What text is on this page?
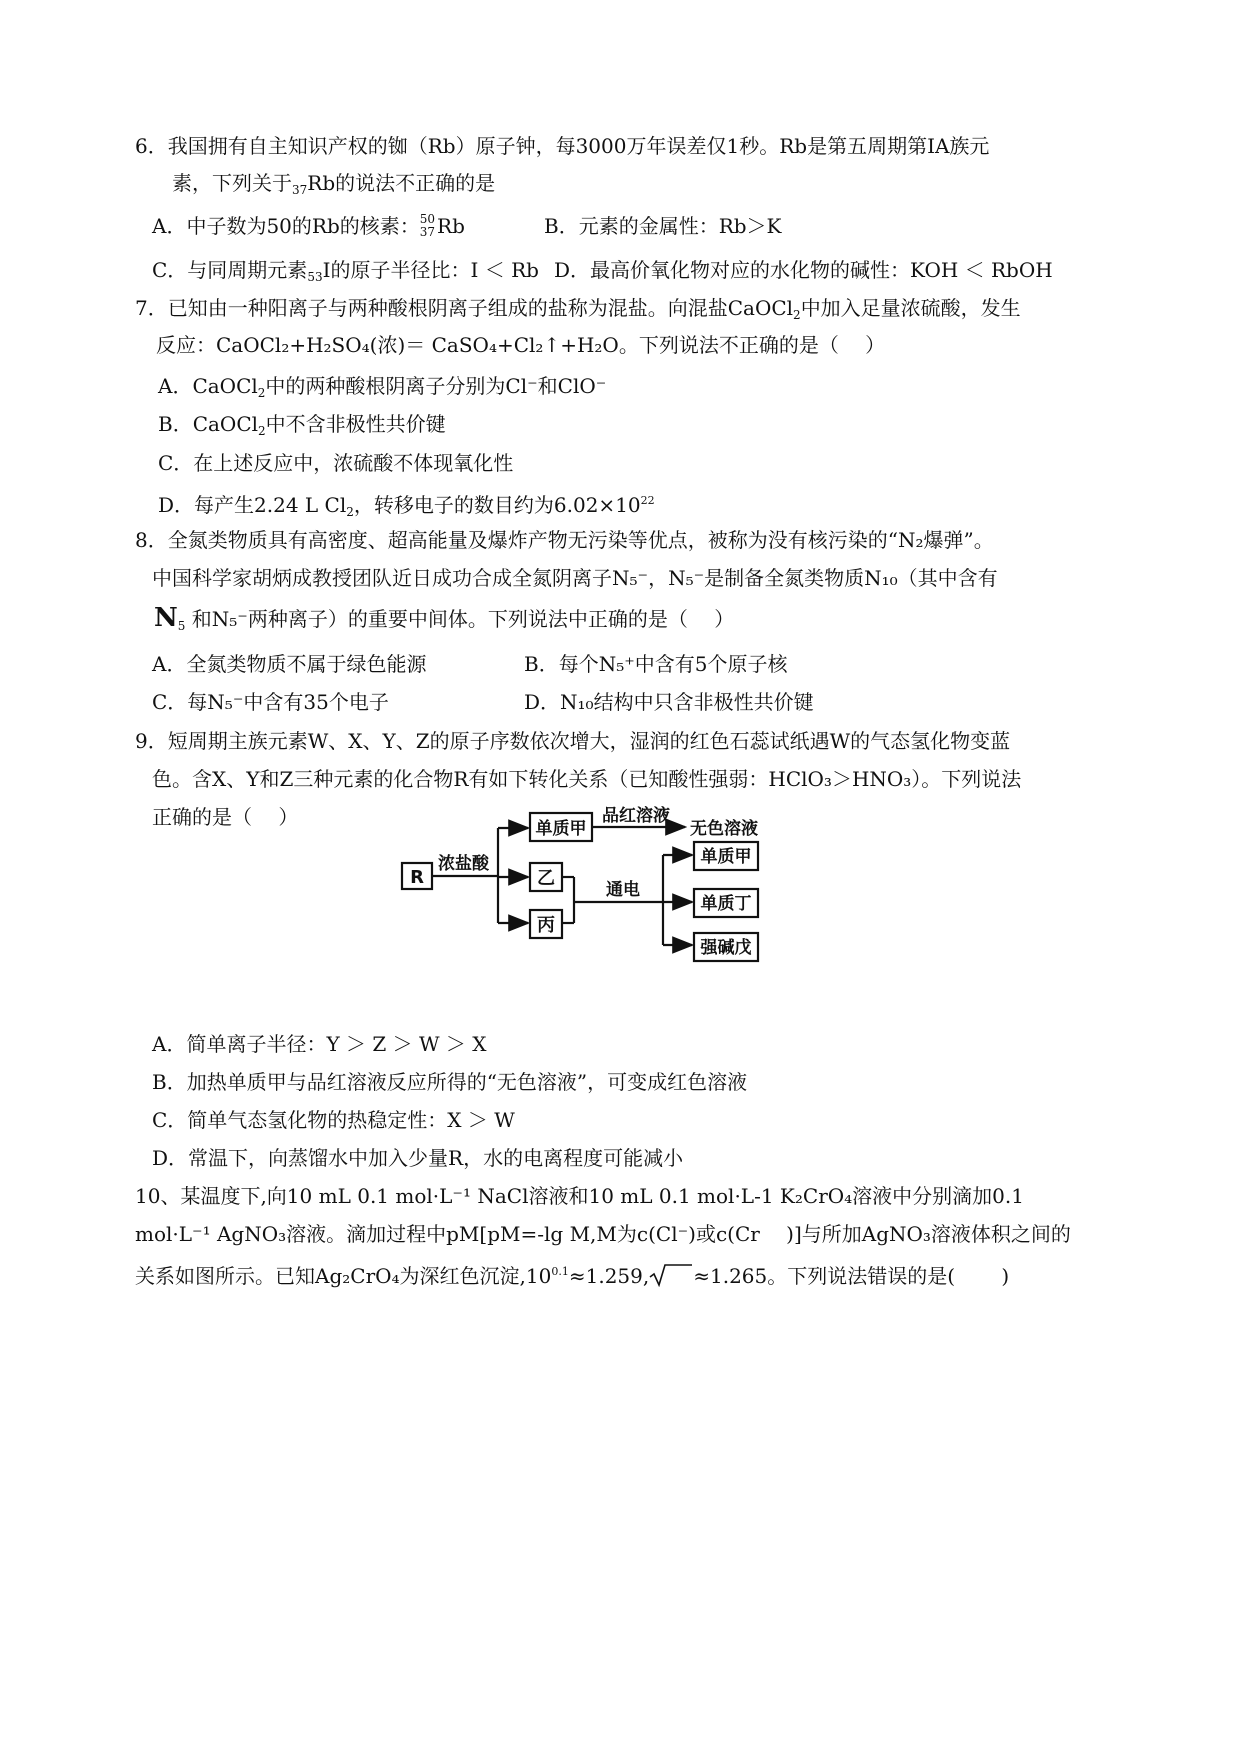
6．我国拥有自主知识产权的铷（Rb）原子钟，每3000万年误差仅1秒。Rb是第五周期第ⅠA族元
素，下列关于$_{37}$Rb的说法不正确的是
A．中子数为50的Rb的核素： 50
37 Rb	B．元素的金属性：Rb＞K
C．与同周期元素$_{53}$I的原子半径比：I ＜ Rb D．最高价氧化物对应的水化物的碱性：KOH ＜ RbOH
7．已知由一种阳离子与两种酸根阴离子组成的盐称为混盐。向混盐CaOCl$_2$中加入足量浓硫酸，发生
反应：CaOCl₂+H₂SO₄(浓)＝ CaSO₄+Cl₂↑+H₂O。下列说法不正确的是（　 ）
A．CaOCl$_2$中的两种酸根阴离子分别为Cl⁻和ClO⁻
B．CaOCl$_2$中不含非极性共价键
C．在上述反应中，浓硫酸不体现氧化性
D．每产生2.24 L $Cl_2$，转移电子的数目约为$6.02\times 10^{22}$
8．全氮类物质具有高密度、超高能量及爆炸产物无污染等优点，被称为没有核污染的“N₂爆弹”。
中国科学家胡炳成教授团队近日成功合成全氮阴离子N₅⁻，N₅⁻是制备全氮类物质N₁₀（其中含有
$N_5$ 和N₅⁻两种离子）的重要中间体。下列说法中正确的是（　 ）
A．全氮类物质不属于绿色能源	B．每个N₅⁺中含有5个原子核
C．每N₅⁻中含有35个电子	D．N₁₀结构中只含非极性共价键
9．短周期主族元素W、X、Y、Z的原子序数依次增大，湿润的红色石蕊试纸遇W的气态氢化物变蓝
色。含X、Y和Z三种元素的化合物R有如下转化关系（已知酸性强弱：HClO₃＞HNO₃）。下列说法
正确的是（　 ）
R
浓盐酸
单质甲
品红溶液
无色溶液
乙
丙
通电
单质甲
单质丁
强碱戊
A．简单离子半径：Y ＞ Z ＞ W ＞ X
B．加热单质甲与品红溶液反应所得的“无色溶液”，可变成红色溶液
C．简单气态氢化物的热稳定性：X ＞ W
D．常温下，向蒸馏水中加入少量R，水的电离程度可能减小
10、某温度下,向10 mL 0.1 mol·L⁻¹ NaCl溶液和10 mL 0.1 mol·L-1 K₂CrO₄溶液中分别滴加0.1
mol·L⁻¹ AgNO₃溶液。滴加过程中pM[pM=-lg M,M为c(Cl⁻)或c(Cr　 )]与所加AgNO₃溶液体积之间的
关系如图所示。已知Ag₂CrO₄为深红色沉淀$,10^{0.1}\approx 1.259$, ≈1.265。下列说法错误的是(　 　)
